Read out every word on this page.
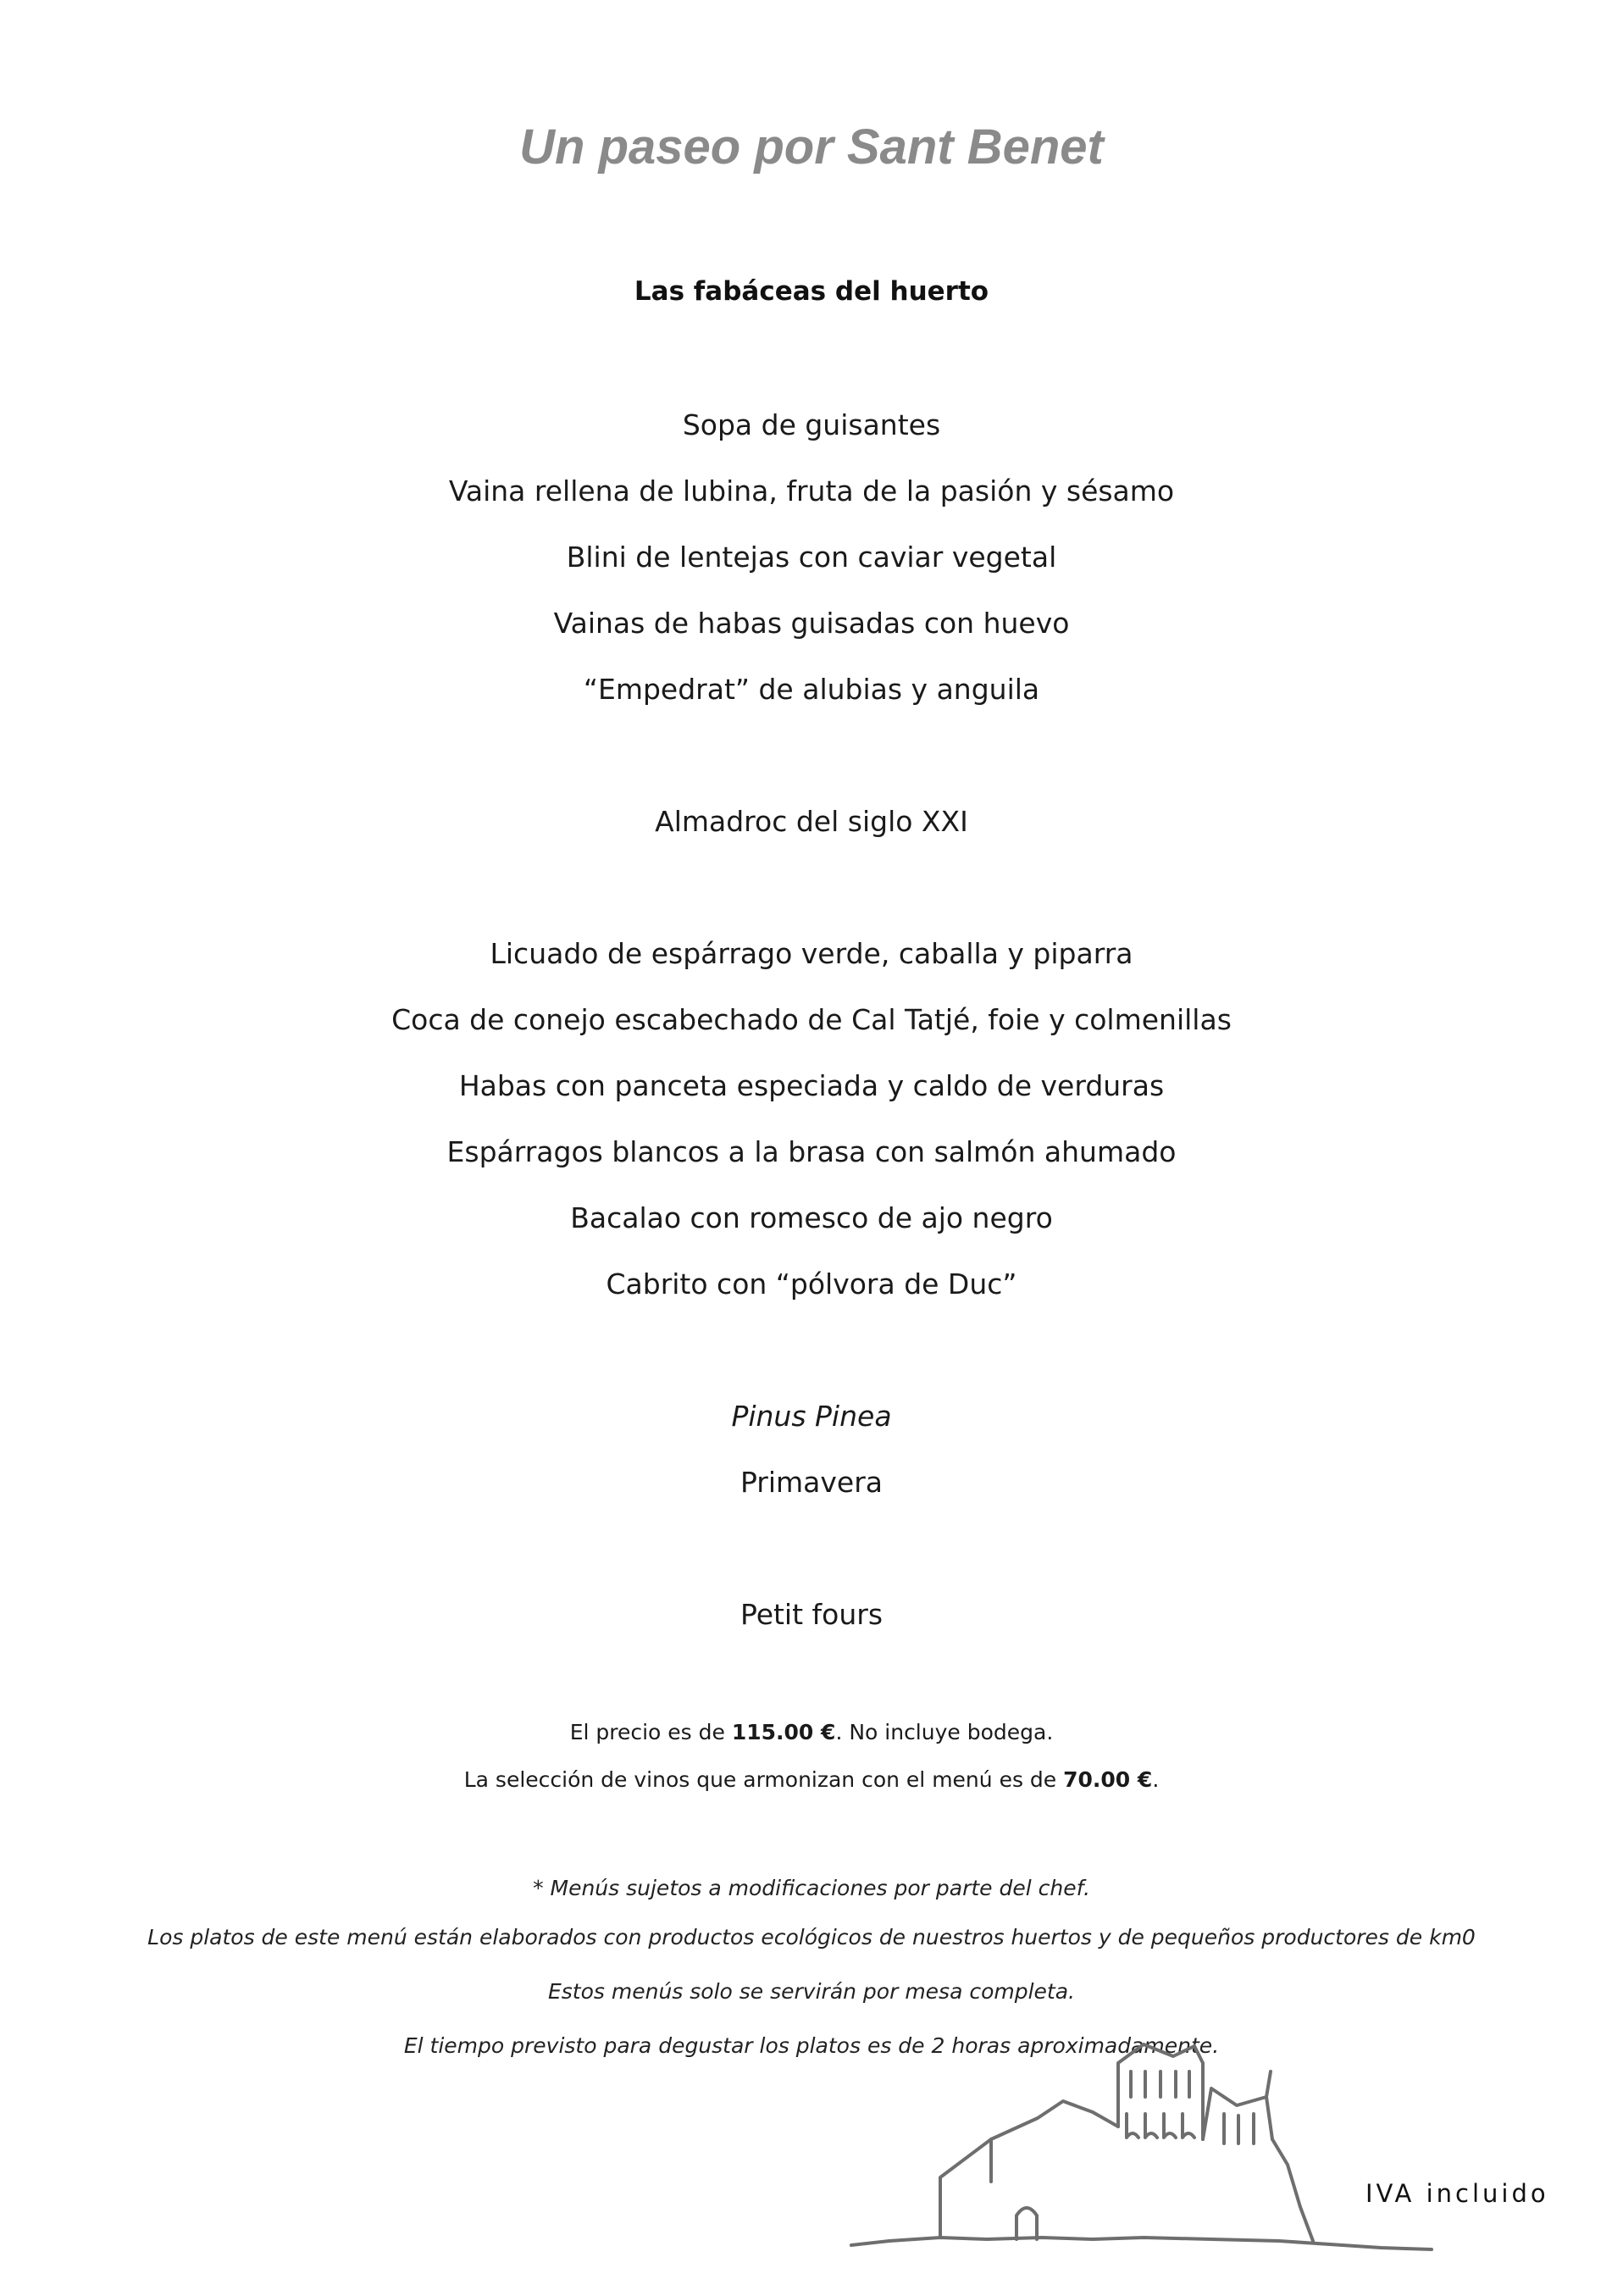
Un paseo por Sant Benet

Las fabáceas del huerto

Sopa de guisantes

Vaina rellena de lubina, fruta de la pasión y sésamo

Blini de lentejas con caviar vegetal

Vainas de habas guisadas con huevo

“Empedrat” de alubias y anguila

Almadroc del siglo XXI

Licuado de espárrago verde, caballa y piparra

Coca de conejo escabechado de Cal Tatjé, foie y colmenillas

Habas con panceta especiada y caldo de verduras

Espárragos blancos a la brasa con salmón ahumado

Bacalao con romesco de ajo negro

Cabrito con “pólvora de Duc”

Pinus Pinea

Primavera

Petit fours

El precio es de 115.00 €. No incluye bodega.

La selección de vinos que armonizan con el menú es de 70.00 €.

* Menús sujetos a modificaciones por parte del chef.

Los platos de este menú están elaborados con productos ecológicos de nuestros huertos y de pequeños productores de km0

Estos menús solo se servirán por mesa completa.

El tiempo previsto para degustar los platos es de 2 horas aproximadamente.

IVA incluido
